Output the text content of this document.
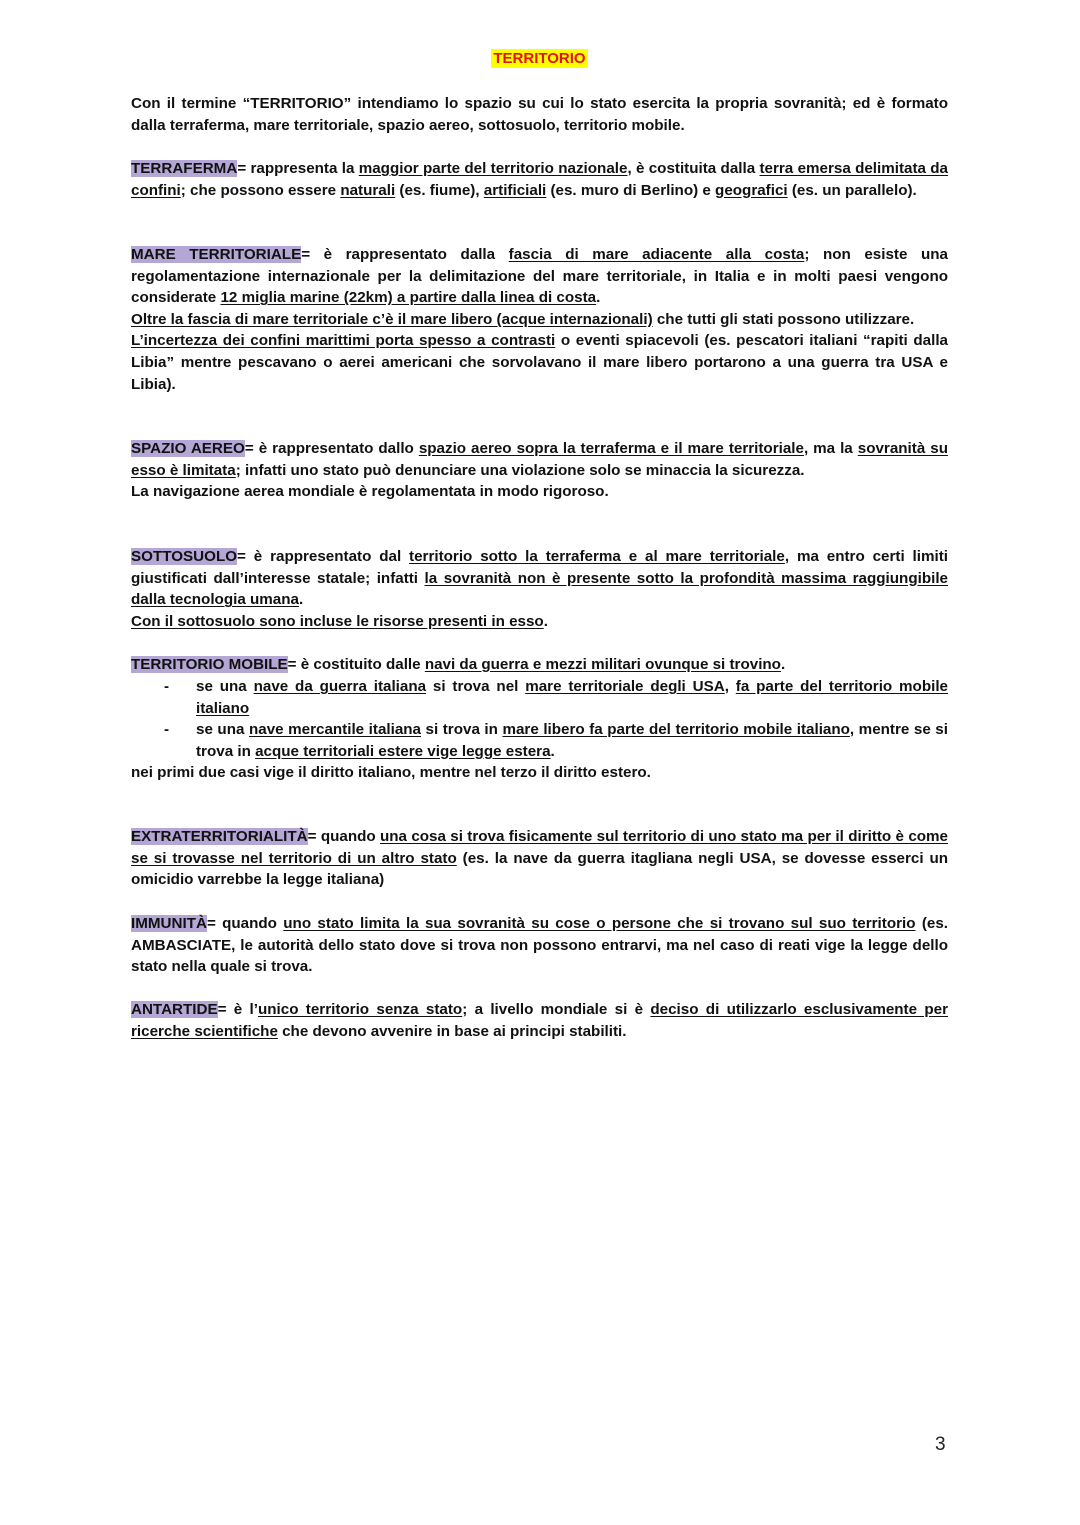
TERRITORIO

Con il termine “TERRITORIO” intendiamo lo spazio su cui lo stato esercita la propria sovranità; ed è formato dalla terraferma, mare territoriale, spazio aereo, sottosuolo, territorio mobile.

TERRAFERMA= rappresenta la maggior parte del territorio nazionale, è costituita dalla terra emersa delimitata da confini; che possono essere naturali (es. fiume), artificiali (es. muro di Berlino) e geografici (es. un parallelo).

MARE TERRITORIALE= è rappresentato dalla fascia di mare adiacente alla costa; non esiste una regolamentazione internazionale per la delimitazione del mare territoriale, in Italia e in molti paesi vengono considerate 12 miglia marine (22km) a partire dalla linea di costa.
Oltre la fascia di mare territoriale c’è il mare libero (acque internazionali) che tutti gli stati possono utilizzare.
L’incertezza dei confini marittimi porta spesso a contrasti o eventi spiacevoli (es. pescatori italiani “rapiti dalla Libia” mentre pescavano o aerei americani che sorvolavano il mare libero portarono a una guerra tra USA e Libia).

SPAZIO AEREO= è rappresentato dallo spazio aereo sopra la terraferma e il mare territoriale, ma la sovranità su esso è limitata; infatti uno stato può denunciare una violazione solo se minaccia la sicurezza.
La navigazione aerea mondiale è regolamentata in modo rigoroso.

SOTTOSUOLO= è rappresentato dal territorio sotto la terraferma e al mare territoriale, ma entro certi limiti giustificati dall’interesse statale; infatti la sovranità non è presente sotto la profondità massima raggiungibile dalla tecnologia umana.
Con il sottosuolo sono incluse le risorse presenti in esso.

TERRITORIO MOBILE= è costituito dalle navi da guerra e mezzi militari ovunque si trovino.

- se una nave da guerra italiana si trova nel mare territoriale degli USA, fa parte del territorio mobile italiano
- se una nave mercantile italiana si trova in mare libero fa parte del territorio mobile italiano, mentre se si trova in acque territoriali estere vige legge estera.

nei primi due casi vige il diritto italiano, mentre nel terzo il diritto estero.

EXTRATERRITORIALITÀ= quando una cosa si trova fisicamente sul territorio di uno stato ma per il diritto è come se si trovasse nel territorio di un altro stato (es. la nave da guerra itagliana negli USA, se dovesse esserci un omicidio varrebbe la legge italiana)

IMMUNITÀ= quando uno stato limita la sua sovranità su cose o persone che si trovano sul suo territorio (es. AMBASCIATE, le autorità dello stato dove si trova non possono entrarvi, ma nel caso di reati vige la legge dello stato nella quale si trova.

ANTARTIDE= è l’unico territorio senza stato; a livello mondiale si è deciso di utilizzarlo esclusivamente per ricerche scientifiche che devono avvenire in base ai principi stabiliti.

3
